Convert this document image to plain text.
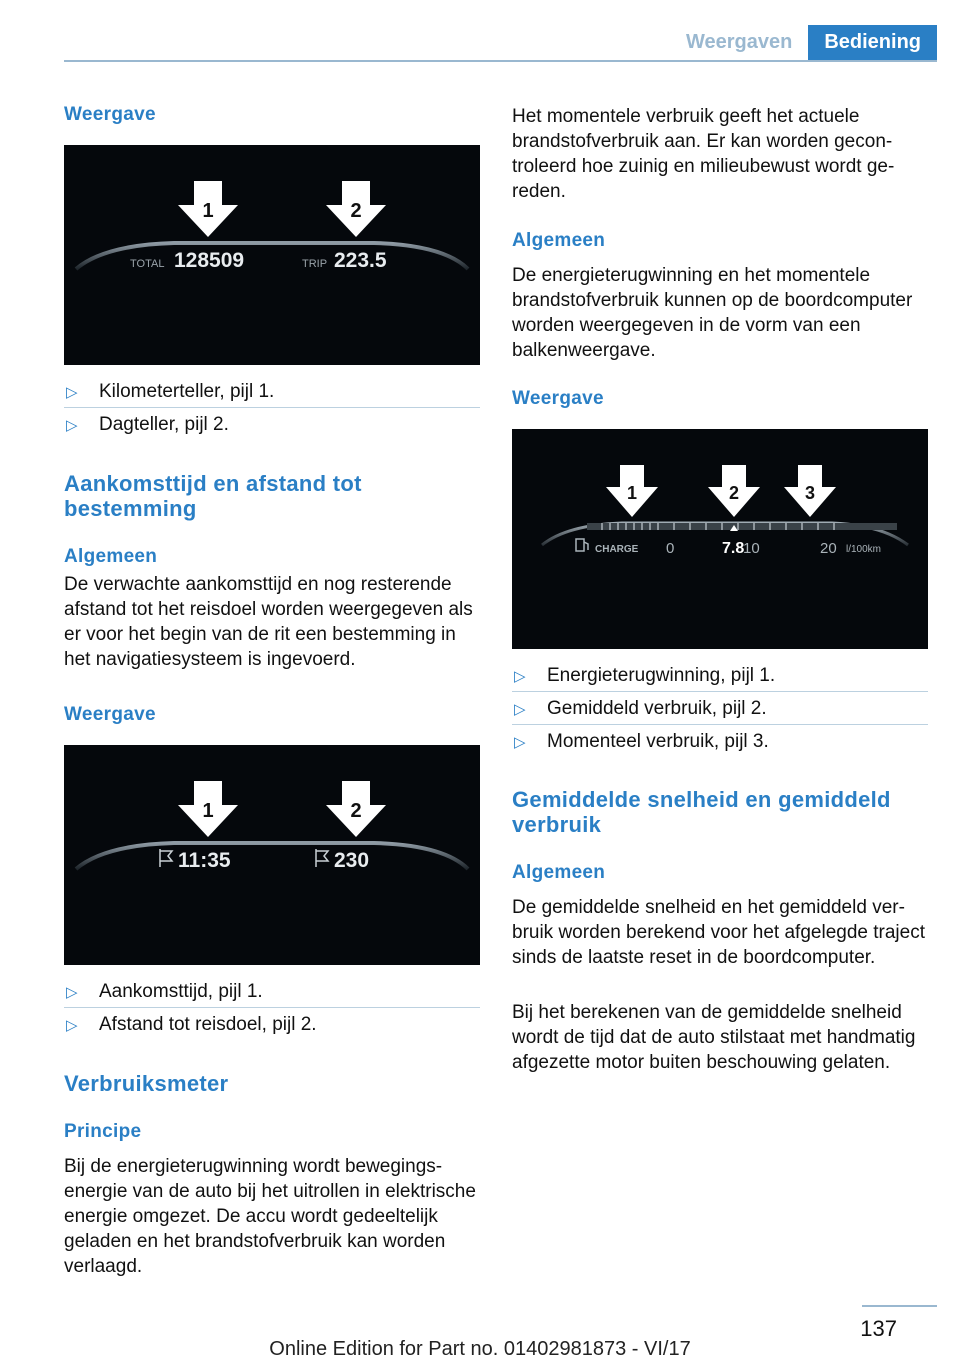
Weergaven	Bediening
Weergave
1	2
TOTAL 128509	TRIP 223.5
▷ Kilometerteller, pijl 1.
▷ Dagteller, pijl 2.
Aankomsttijd en afstand tot bestemming
Algemeen

De verwachte aankomsttijd en nog resterende afstand tot het reisdoel worden weergegeven als er voor het begin van de rit een bestemming in het navigatiesysteem is ingevoerd.

Weergave
1	2
11:35	230
▷ Aankomsttijd, pijl 1.
▷ Afstand tot reisdoel, pijl 2.
Verbruiksmeter
Principe

Bij de energieterugwinning wordt bewegingsenergie van de auto bij het uitrollen in elektrische energie omgezet. De accu wordt gedeeltelijk geladen en het brandstofverbruik kan worden verlaagd.

Het momentele verbruik geeft het actuele brandstofverbruik aan. Er kan worden gecontroleerd hoe zuinig en milieubewust wordt gereden.

Algemeen

De energieterugwinning en het momentele brandstofverbruik kunnen op de boordcomputer worden weergegeven in de vorm van een balkenweergave.

Weergave
1	2	3
CHARGE 0	7.8
10	20 l/100km
▷ Energieterugwinning, pijl 1.
▷ Gemiddeld verbruik, pijl 2.
▷ Momenteel verbruik, pijl 3.
Gemiddelde snelheid en gemiddeld verbruik
Algemeen

De gemiddelde snelheid en het gemiddeld verbruik worden berekend voor het afgelegde traject sinds de laatste reset in de boordcomputer.

Bij het berekenen van de gemiddelde snelheid wordt de tijd dat de auto stilstaat met handmatig afgezette motor buiten beschouwing gelaten.

137
Online Edition for Part no. 01402981873 - VI/17
